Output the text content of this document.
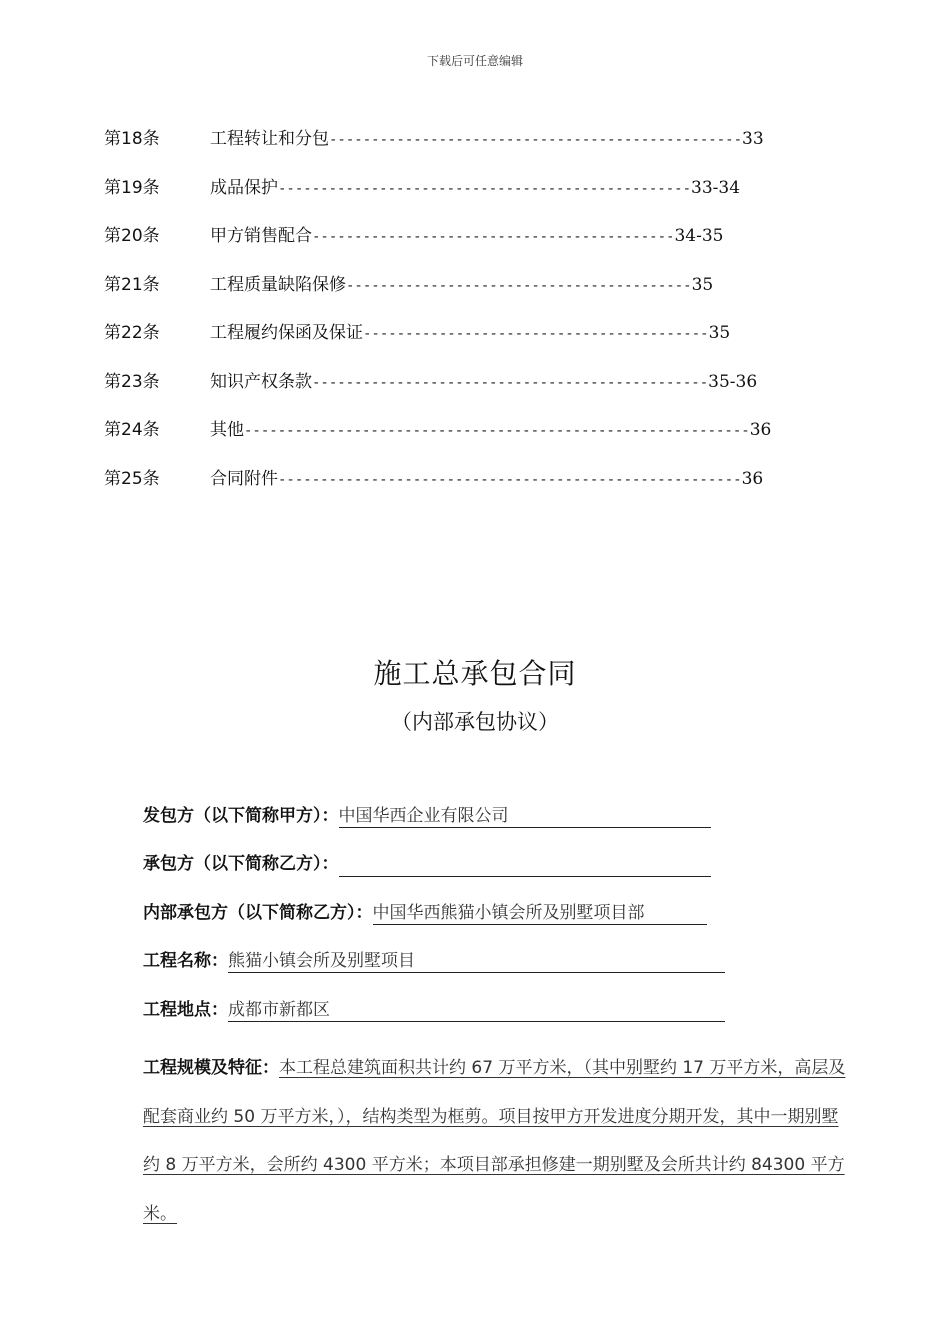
下载后可任意编辑
第18条	工程转让和分包-------------------------------------------------33
第19条	成品保护-------------------------------------------------33-34
第20条	甲方销售配合-------------------------------------------34-35
第21条	工程质量缺陷保修-----------------------------------------35
第22条	工程履约保函及保证-----------------------------------------35
第23条	知识产权条款-----------------------------------------------35-36
第24条	其他------------------------------------------------------------36
第25条	合同附件-------------------------------------------------------36
施工总承包合同
（内部承包协议）
发包方（以下简称甲方）：中国华西企业有限公司
承包方（以下简称乙方）：
内部承包方（以下简称乙方）：中国华西熊猫小镇会所及别墅项目部
工程名称：熊猫小镇会所及别墅项目
工程地点：成都市新都区
工程规模及特征：本工程总建筑面积共计约 67 万平方米，（其中别墅约 17 万平方米，高层及配套商业约 50 万平方米，），结构类型为框剪。项目按甲方开发进度分期开发，其中一期别墅约 8 万平方米，会所约 4300 平方米；本项目部承担修建一期别墅及会所共计约 84300 平方米。
